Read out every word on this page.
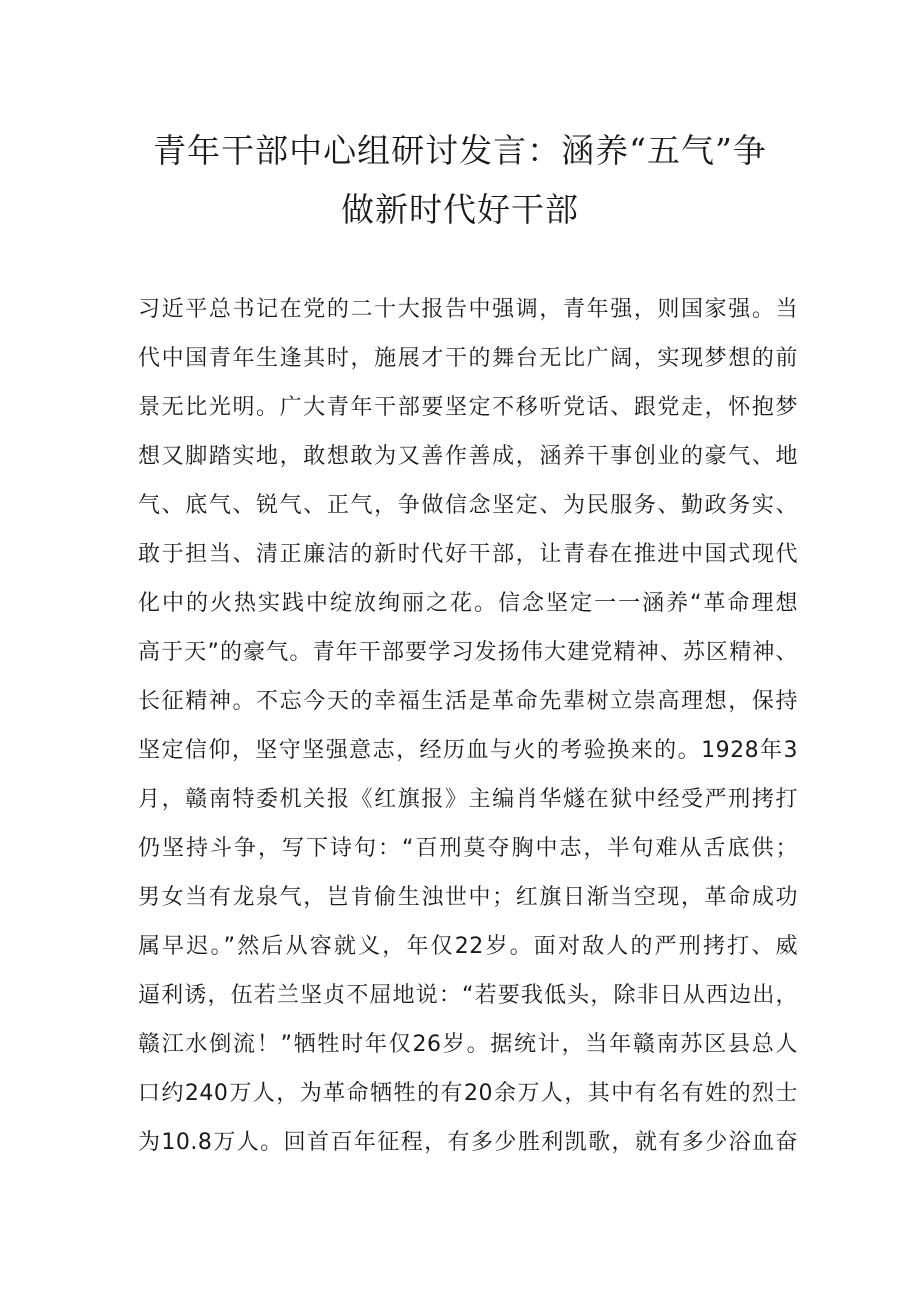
青年干部中心组研讨发言：涵养“五气”争
做新时代好干部
习近平总书记在党的二十大报告中强调，青年强，则国家强。当
代中国青年生逢其时，施展才干的舞台无比广阔，实现梦想的前
景无比光明。广大青年干部要坚定不移听党话、跟党走，怀抱梦
想又脚踏实地，敢想敢为又善作善成，涵养干事创业的豪气、地
气、底气、锐气、正气，争做信念坚定、为民服务、勤政务实、
敢于担当、清正廉洁的新时代好干部，让青春在推进中国式现代
化中的火热实践中绽放绚丽之花。信念坚定一一涵养“革命理想
高于天”的豪气。青年干部要学习发扬伟大建党精神、苏区精神、
长征精神。不忘今天的幸福生活是革命先辈树立崇高理想，保持
坚定信仰，坚守坚强意志，经历血与火的考验换来的。1928年3
月，赣南特委机关报《红旗报》主编肖华燧在狱中经受严刑拷打
仍坚持斗争，写下诗句：“百刑莫夺胸中志，半句难从舌底供；
男女当有龙泉气，岂肯偷生浊世中；红旗日渐当空现，革命成功
属早迟。”然后从容就义，年仅22岁。面对敌人的严刑拷打、威
逼利诱，伍若兰坚贞不屈地说：“若要我低头，除非日从西边出，
赣江水倒流！”牺牲时年仅26岁。据统计，当年赣南苏区县总人
口约240万人，为革命牺牲的有20余万人，其中有名有姓的烈士
为10.8万人。回首百年征程，有多少胜利凯歌，就有多少浴血奋
